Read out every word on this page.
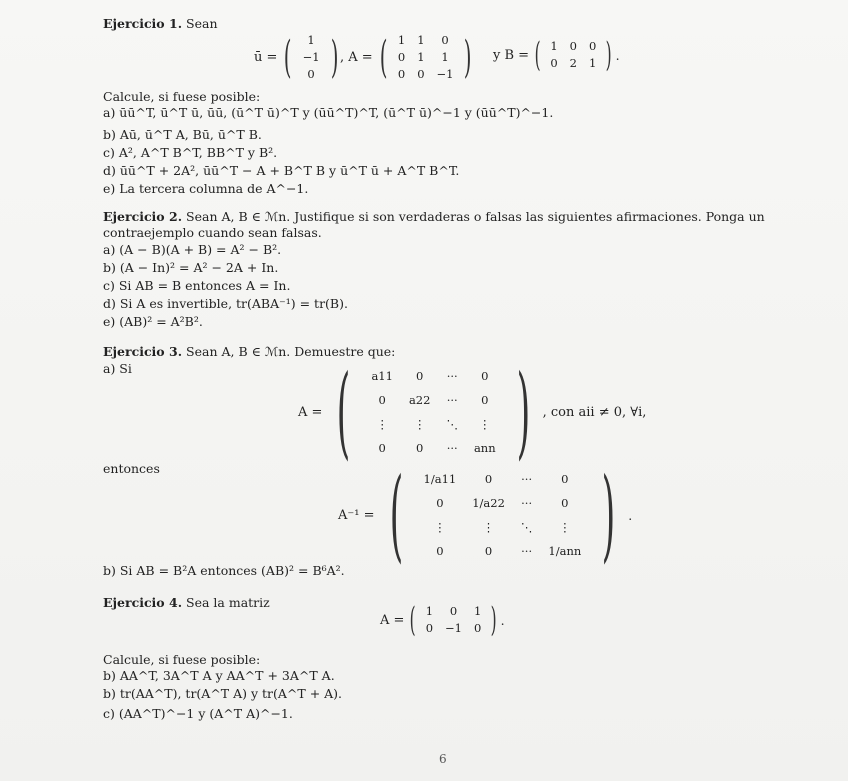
Ejercicio 1. Sean
ū = (	1
−1
0 ) , A = ( 1	1	0
0	1	1
0	0	−1 ) y B = ( 1	0	0
0	2	1 ) .
Calcule, si fuese posible:
a) ūū^T, ū^T ū, ūū, (ū^T ū)^T y (ūū^T)^T, (ū^T ū)^−1 y (ūū^T)^−1.
b) Aū, ū^T A, Bū, ū^T B.
c) A², A^T B^T, BB^T y B².
d) ūū^T + 2A², ūū^T − A + B^T B y ū^T ū + A^T B^T.
e) La tercera columna de A^−1.
Ejercicio 2. Sean A, B ∈ ℳn. Justifique si son verdaderas o falsas las siguientes afirmaciones. Ponga un
contraejemplo cuando sean falsas.
a) (A − B)(A + B) = A² − B².
b) (A − In)² = A² − 2A + In.
c) Si AB = B entonces A = In.
d) Si A es invertible, tr(ABA⁻¹) = tr(B).
e) (AB)² = A²B².
Ejercicio 3. Sean A, B ∈ ℳn. Demuestre que:
a) Si
A = (	a11	0	···	0
0	a22	···	0
⋮	⋮	⋱	⋮
0	0	···	ann ) , con aii ≠ 0, ∀i,
entonces
A⁻¹ = (	1/a11	0	···	0
0	1/a22	···	0
⋮	⋮	⋱	⋮
0	0	···	1/ann ) .
b) Si AB = B²A entonces (AB)² = B⁶A².
Ejercicio 4. Sea la matriz
A = ( 1	0	1
0	−1	0 ) .
Calcule, si fuese posible:
b) AA^T, 3A^T A y AA^T + 3A^T A.
b) tr(AA^T), tr(A^T A) y tr(A^T + A).
c) (AA^T)^−1 y (A^T A)^−1.
6
